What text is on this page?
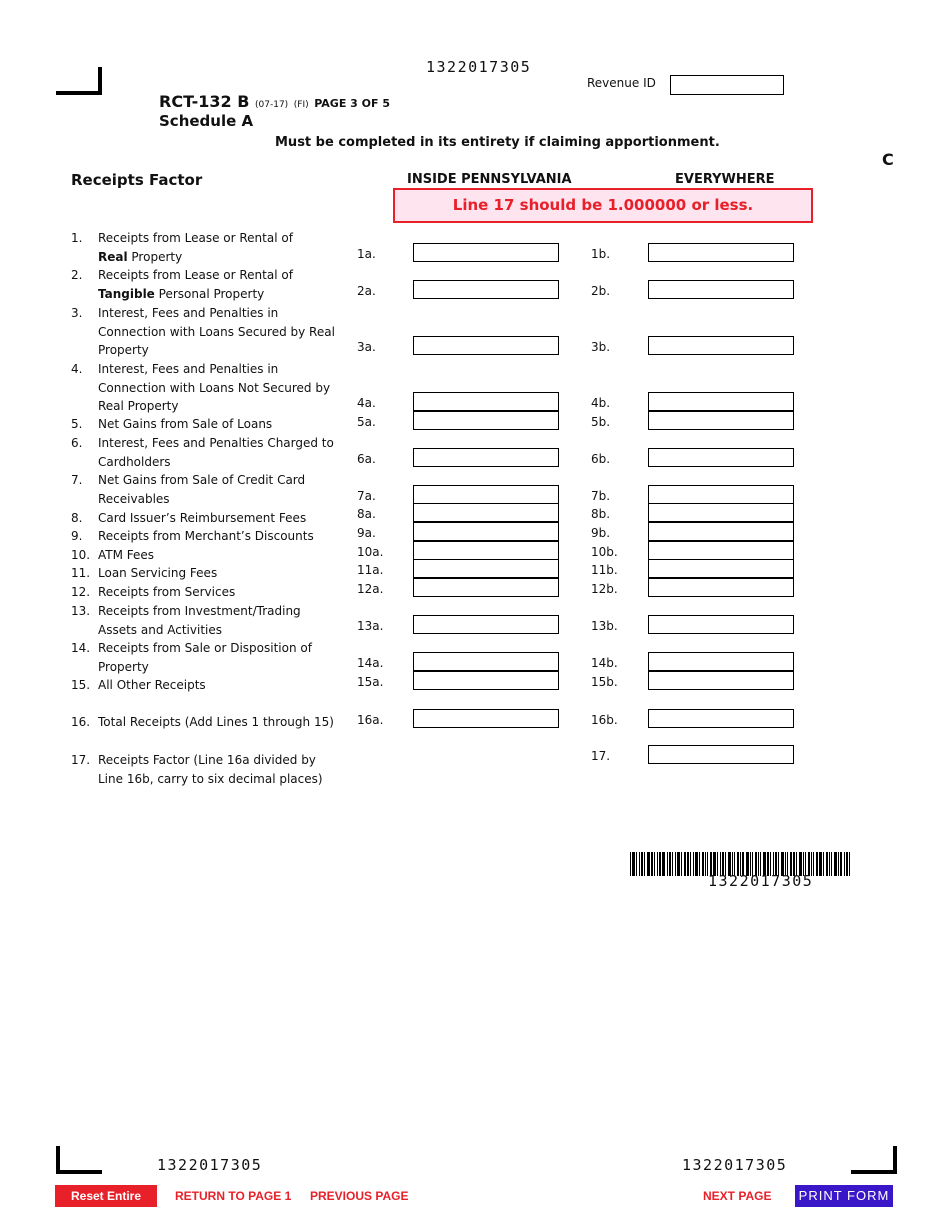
1322017305
RCT-132 B (07-17) (FI) PAGE 3 OF 5
Schedule A
Must be completed in its entirety if claiming apportionment.
Revenue ID
C
Receipts Factor	INSIDE PENNSYLVANIA	EVERYWHERE
Line 17 should be 1.000000 or less.
1. Receipts from Lease or Rental of
Real Property	1a.	1b.
2. Receipts from Lease or Rental of
Tangible Personal Property	2a.	2b.
3. Interest, Fees and Penalties in Connection with Loans Secured by Real Property	3a.	3b.
4. Interest, Fees and Penalties in Connection with Loans Not Secured by Real Property	4a.	4b.
5. Net Gains from Sale of Loans	5a.	5b.
6. Interest, Fees and Penalties Charged to Cardholders	6a.	6b.
7. Net Gains from Sale of Credit Card Receivables	7a.	7b.
8. Card Issuer’s Reimbursement Fees	8a.	8b.
9. Receipts from Merchant’s Discounts	9a.	9b.
10. ATM Fees	10a.	10b.
11. Loan Servicing Fees	11a.	11b.
12. Receipts from Services	12a.	12b.
13. Receipts from Investment/Trading Assets and Activities	13a.	13b.
14. Receipts from Sale or Disposition of Property	14a.	14b.
15. All Other Receipts	15a.	15b.
16. Total Receipts (Add Lines 1 through 15)	16a.	16b.
17. Receipts Factor (Line 16a divided by Line 16b, carry to six decimal places)
17.
1322017305
1322017305	1322017305
Reset Entire Form
RETURN TO PAGE 1 PREVIOUS PAGE	NEXT PAGE PRINT FORM
